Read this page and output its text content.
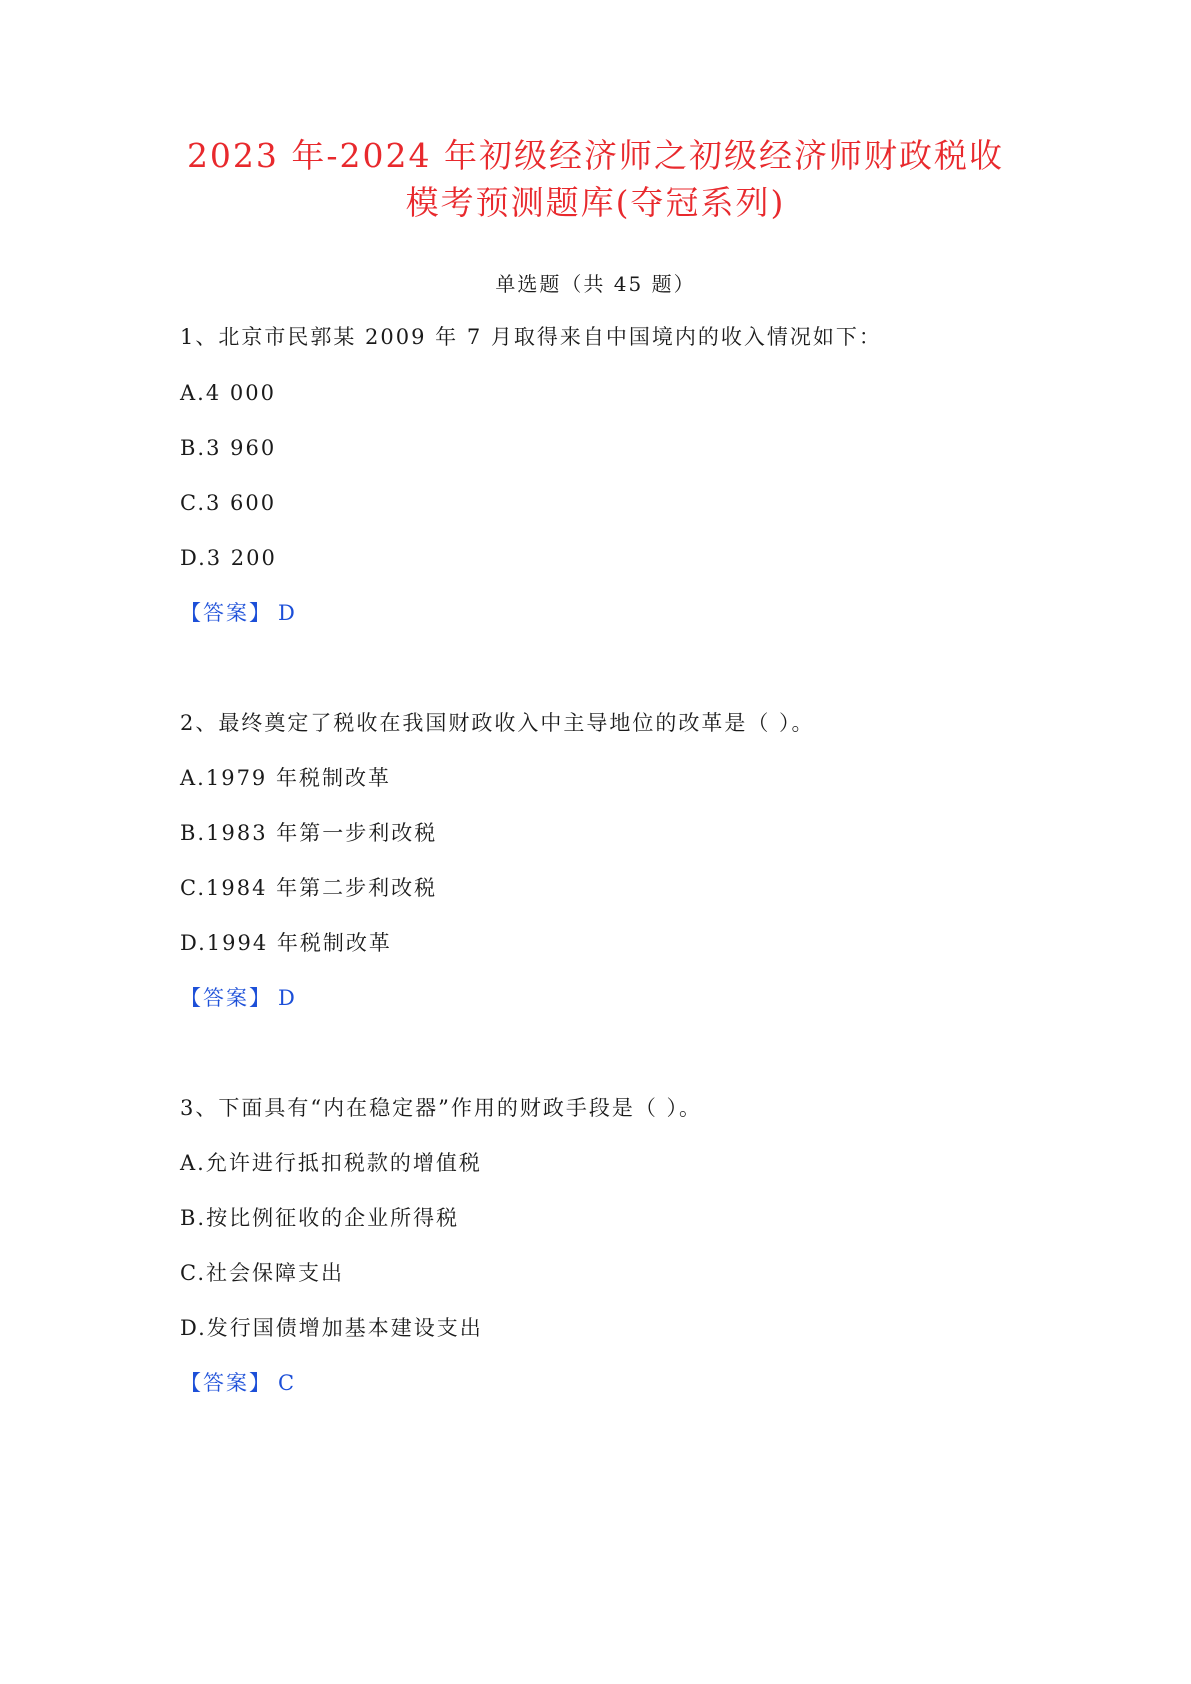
2023 年-2024 年初级经济师之初级经济师财政税收
模考预测题库(夺冠系列)
单选题（共 45 题）
1、北京市民郭某 2009 年 7 月取得来自中国境内的收入情况如下：
A.4 000
B.3 960
C.3 600
D.3 200
【答案】 D
2、最终奠定了税收在我国财政收入中主导地位的改革是（ ）。
A.1979 年税制改革
B.1983 年第一步利改税
C.1984 年第二步利改税
D.1994 年税制改革
【答案】 D
3、下面具有“内在稳定器”作用的财政手段是（ ）。
A.允许进行抵扣税款的增值税
B.按比例征收的企业所得税
C.社会保障支出
D.发行国债增加基本建设支出
【答案】 C
